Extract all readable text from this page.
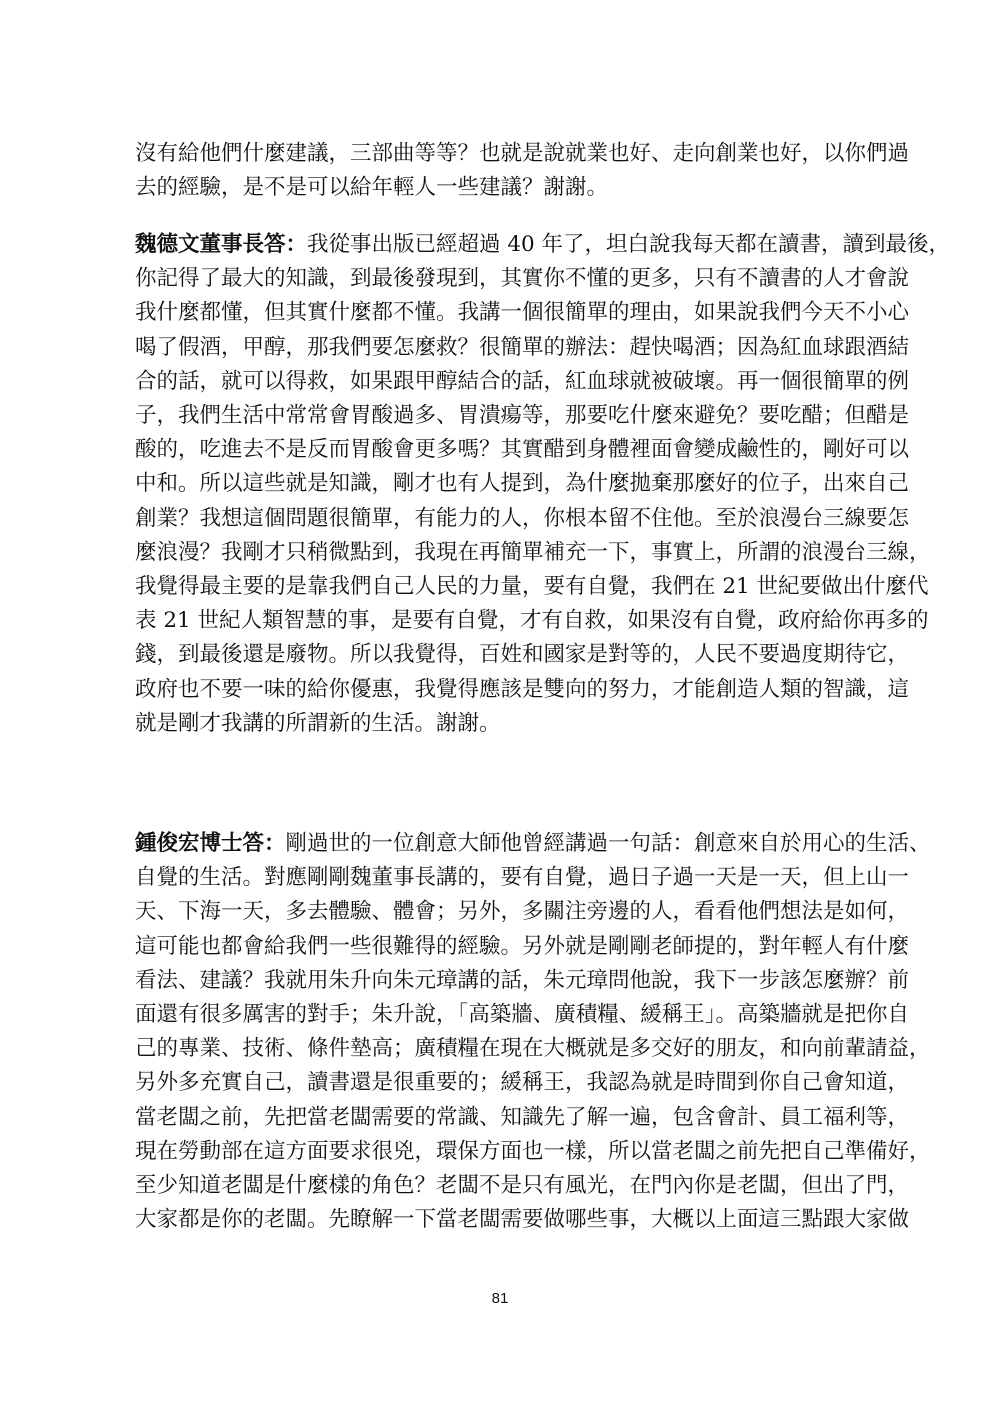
沒有給他們什麼建議，三部曲等等？也就是說就業也好、走向創業也好，以你們過
去的經驗，是不是可以給年輕人一些建議？謝謝。
魏德文董事長答：我從事出版已經超過 40 年了，坦白說我每天都在讀書，讀到最後，
你記得了最大的知識，到最後發現到，其實你不懂的更多，只有不讀書的人才會說
我什麼都懂，但其實什麼都不懂。我講一個很簡單的理由，如果說我們今天不小心
喝了假酒，甲醇，那我們要怎麼救？很簡單的辦法：趕快喝酒；因為紅血球跟酒結
合的話，就可以得救，如果跟甲醇結合的話，紅血球就被破壞。再一個很簡單的例
子，我們生活中常常會胃酸過多、胃潰瘍等，那要吃什麼來避免？要吃醋；但醋是
酸的，吃進去不是反而胃酸會更多嗎？其實醋到身體裡面會變成鹼性的，剛好可以
中和。所以這些就是知識，剛才也有人提到，為什麼拋棄那麼好的位子，出來自己
創業？我想這個問題很簡單，有能力的人，你根本留不住他。至於浪漫台三線要怎
麼浪漫？我剛才只稍微點到，我現在再簡單補充一下，事實上，所謂的浪漫台三線，
我覺得最主要的是靠我們自己人民的力量，要有自覺，我們在 21 世紀要做出什麼代
表 21 世紀人類智慧的事，是要有自覺，才有自救，如果沒有自覺，政府給你再多的
錢，到最後還是廢物。所以我覺得，百姓和國家是對等的，人民不要過度期待它，
政府也不要一味的給你優惠，我覺得應該是雙向的努力，才能創造人類的智識，這
就是剛才我講的所謂新的生活。謝謝。
鍾俊宏博士答：剛過世的一位創意大師他曾經講過一句話：創意來自於用心的生活、
自覺的生活。對應剛剛魏董事長講的，要有自覺，過日子過一天是一天，但上山一
天、下海一天，多去體驗、體會；另外，多關注旁邊的人，看看他們想法是如何，
這可能也都會給我們一些很難得的經驗。另外就是剛剛老師提的，對年輕人有什麼
看法、建議？我就用朱升向朱元璋講的話，朱元璋問他說，我下一步該怎麼辦？前
面還有很多厲害的對手；朱升說，「高築牆、廣積糧、緩稱王」。高築牆就是把你自
己的專業、技術、條件墊高；廣積糧在現在大概就是多交好的朋友，和向前輩請益，
另外多充實自己，讀書還是很重要的；緩稱王，我認為就是時間到你自己會知道，
當老闆之前，先把當老闆需要的常識、知識先了解一遍，包含會計、員工福利等，
現在勞動部在這方面要求很兇，環保方面也一樣，所以當老闆之前先把自己準備好，
至少知道老闆是什麼樣的角色？老闆不是只有風光，在門內你是老闆，但出了門，
大家都是你的老闆。先瞭解一下當老闆需要做哪些事，大概以上面這三點跟大家做
81
